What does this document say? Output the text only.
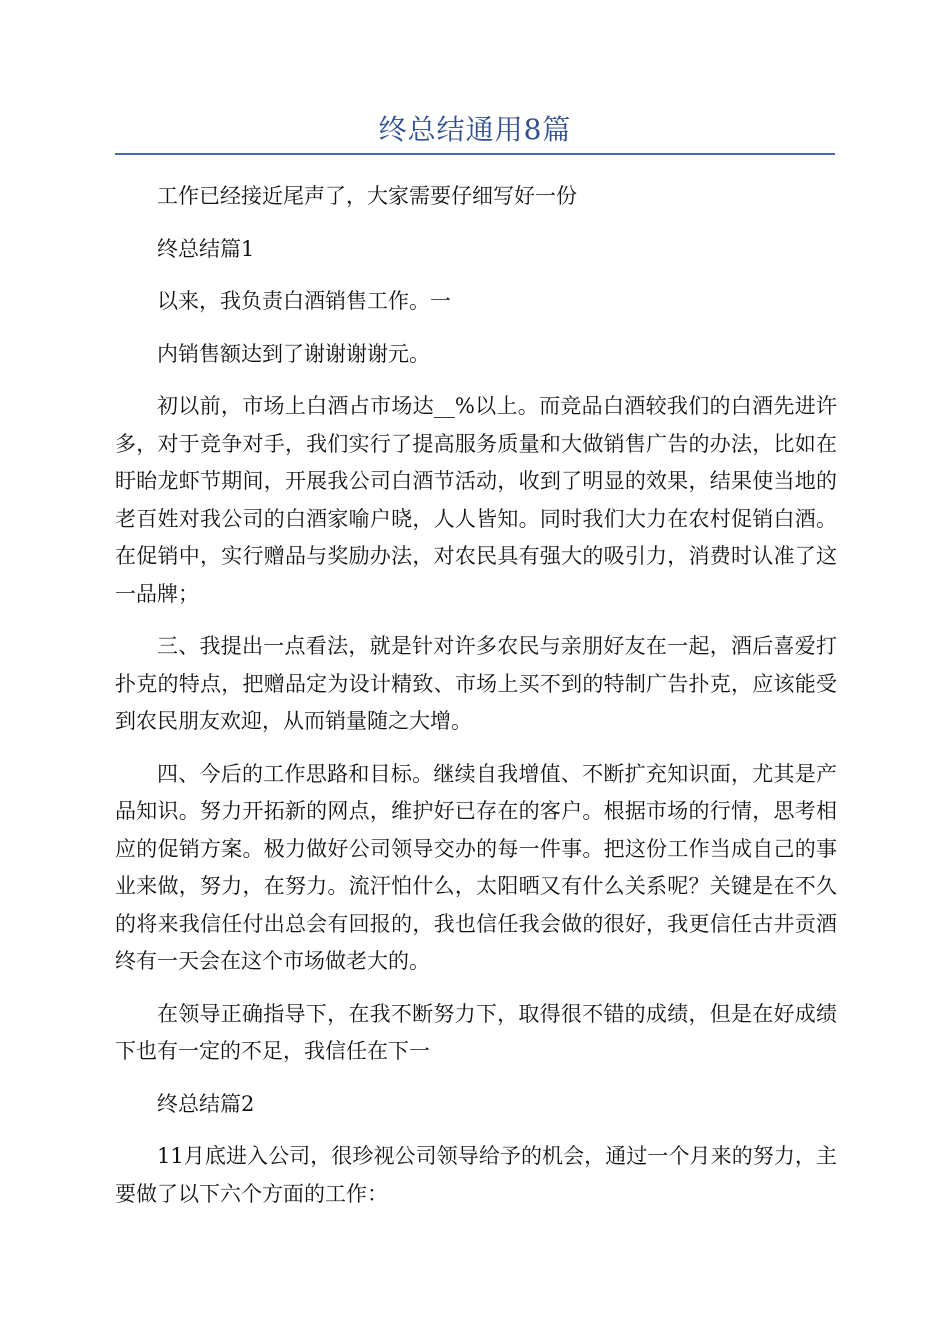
终总结通用8篇

工作已经接近尾声了，大家需要仔细写好一份

终总结篇1

以来，我负责白酒销售工作。一

内销售额达到了谢谢谢谢元。

初以前，市场上白酒占市场达__%以上。而竞品白酒较我们的白酒先进许多，对于竞争对手，我们实行了提高服务质量和大做销售广告的办法，比如在盱眙龙虾节期间，开展我公司白酒节活动，收到了明显的效果，结果使当地的老百姓对我公司的白酒家喻户晓，人人皆知。同时我们大力在农村促销白酒。在促销中，实行赠品与奖励办法，对农民具有强大的吸引力，消费时认准了这一品牌；

三、我提出一点看法，就是针对许多农民与亲朋好友在一起，酒后喜爱打扑克的特点，把赠品定为设计精致、市场上买不到的特制广告扑克，应该能受到农民朋友欢迎，从而销量随之大增。

四、今后的工作思路和目标。继续自我增值、不断扩充知识面，尤其是产品知识。努力开拓新的网点，维护好已存在的客户。根据市场的行情，思考相应的促销方案。极力做好公司领导交办的每一件事。把这份工作当成自己的事业来做，努力，在努力。流汗怕什么，太阳晒又有什么关系呢？关键是在不久的将来我信任付出总会有回报的，我也信任我会做的很好，我更信任古井贡酒终有一天会在这个市场做老大的。

在领导正确指导下，在我不断努力下，取得很不错的成绩，但是在好成绩下也有一定的不足，我信任在下一

终总结篇2

11月底进入公司，很珍视公司领导给予的机会，通过一个月来的努力，主要做了以下六个方面的工作：
